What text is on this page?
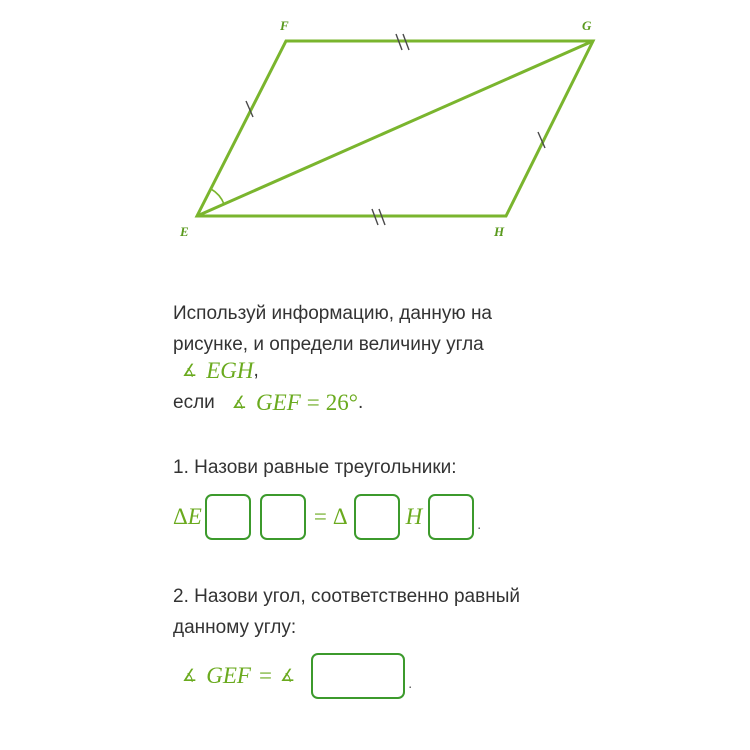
F	G
E	H
Используй информацию, данную на
рисунке, и определи величину угла
∡ EGH ,
если ∡ GEF = 26° .
1. Назови равные треугольники:
Δ E	= Δ	H	.
2. Назови угол, соответственно равный
данному углу:
∡ GEF = ∡	.
